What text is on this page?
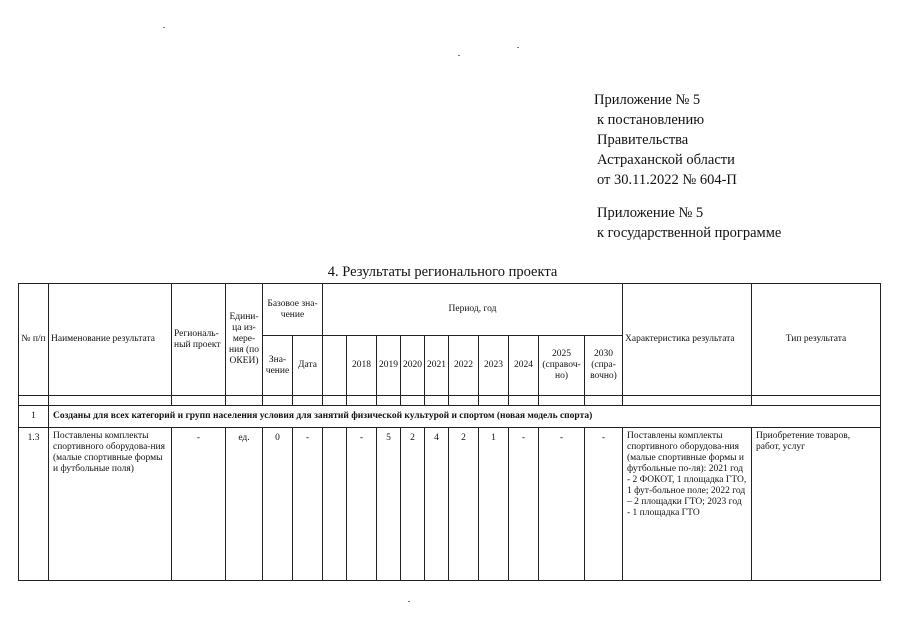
Приложение № 5
к постановлению
Правительства
Астраханской области
от 30.11.2022 № 604-П
Приложение № 5
к государственной программе
4. Результаты регионального проекта
№ п/п	Наименование результата	Региональ-ный проект	Едини-ца из-мере-ния (по ОКЕИ)	Базовое зна-чение		Период, год										Характеристика результата	Тип результата
				Зна-чение	Дата		2018	2019	2020	2021	2022	2023	2024	2025 (справоч-но)	2030 (спра-вочно)		

1	Созданы для всех категорий и групп населения условия для занятий физической культурой и спортом (новая модель спорта)																
1.3	Поставлены комплекты спортивного оборудова-ния (малые спортивные формы и футбольные поля)	-	ед.	0	-		-	5	2	4	2	1	-	-	-	Поставлены комплекты спортивного оборудова-ния (малые спортивные формы и футбольные по-ля): 2021 год - 2 ФОКОТ, 1 площадка ГТО, 1 фут-больное поле; 2022 год – 2 площадки ГТО; 2023 год - 1 площадка ГТО	Приобретение товаров, работ, услуг
